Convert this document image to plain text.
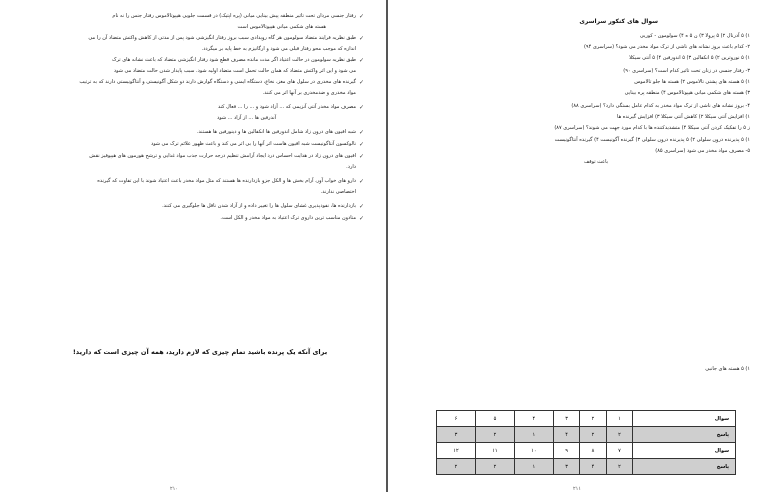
✓
رفتار جنسی مردان تحت تاثیر منطقه پیش بینایی میانی (پره اپتیک) در قسمت جلویی هیپوتالاموس رفتار جنس را نه نام
هسته های شکمی میانی هیپوتالاموس است
✓
طبق نظریه فرایند متضاد سولومون هر گاه رویدادی سبب بروز رفتار انگیزشی شود پس از مدتی از کاهش واکنش متضاد آن را می
اندازه که موجب محو رفتار قبلی می شود و ارگانیزم به خط پایه بر میگردد.
✓
طبق نظریه سولومون در حالت اعتیاد اگر مدت مانده مصرف قطع شود رفتار انگیزشی متضاد که باعث نشانه های ترک
می شود و این اثر واکنش متضاد که همان حالت تحمل است متضاد اولیه شود. سبب پایدار شدن حالت متضاد می شود
✓
گیرنده های مخدری در سلول های مغز، نخاع، دستگاه ایمنی و دستگاه گوارش دارند دو شکل آگونیستی و آنتاگونیستی دارند که به ترتیب
مواد مخدری و ضدمخدری بر آنها اثر می کنند.
✓
مصرف مواد مخدر آنتی آنزیمی که ... آزاد شود و ... را ... فعال کند
آندرفین ها ... از آزاد ... شود
✓
شبه افیون های درون زاد شامل اندورفین ها انکفالین ها و دینورفین ها هستند.
✓
نالوکسون آنتاگونیست شبه افیون هاست اثر آنها را بی اثر می کند و باعث ظهور علائم ترک می شود
✓
افیون های درون زاد در هدایت احساس درد ایجاد آرامش تنظیم درجه حرارت جذب مواد غذایی و ترشح هورمون های هیپوفیز نقش
دارد.
✓
دارو های خواب آور، آرام بخش ها و الکل جزو بازدارنده ها هستند که مثل مواد مخدر باعث اعتیاد شوند با این تفاوت که گیرنده
اختصاصی ندارند.
✓
بازدارنده ها، نفوذپذیری غشای سلول ها را تغییر داده و از آزاد شدن ناقل ها جلوگیری می کنند.
✓
متادون مناسب ترین داروی ترک اعتیاد به مواد مخدر و الکل است.
برای آنکه یک پرنده باشید تمام چیزی که لازم دارید، همه آن چیزی است که دارید!
۲۱۰
سوال های کنکور سراسری
۱) ۵ آدرنال ۲) ۵ پرولا ۳) ن ۵ ه ۴) سولومون - کوربی
۲- کدام باعث بروز نشانه های ناشی از ترک مواد مخدر می شود؟ (سراسری ۹۴)
۱) ۵ نوروترین ۲) ۵ انکفالین ۳) ۵ اندورفین ۴) ۵ آنتی سیکلا
۳- رفتار جنسی در زنان تحت تاثیر کدام است؟ (سراسری ۹۰)
۱) ۵ هسته های پشتی تالاموس ۲) هسته ها جلو تالاموس
۳) هسته های شکمی میانی هیپوتالاموس ۴) منطقه پره بینایی
۴- بروز نشانه های ناشی از ترک مواد مخدر به کدام عامل بستگی دارد؟ (سراسری ۸۸)
۱) افزایش آنتی سیکلا ۲) کاهش آنتی سیکلا ۳) افزایش گیرنده ها
ز ۵ را تفکیک کردن آنتی سیکلا ۴) متشدیدکننده ها با کدام مورد جهت می شوند؟ (سراسری ۸۷)
۱) ۵ پذیرنده درون سلولی ۲) ۵ پذیرنده درون سلولی ۳) گیرنده آگونیست ۴) گیرنده آنتاگونیست
۵- مصرف مواد مخدر می شود (سراسری ۸۵)
باعث توقف
۱) ۵ هسته های جانبی
۶	۵	۴	۳	۲	۱	سوال
۳	۲	۱	۴	۲	۲	پاسخ
۱۲	۱۱	۱۰	۹	۸	۷	سوال
۲	۲	۱	۳	۴	۲	پاسخ
۲۱۱
